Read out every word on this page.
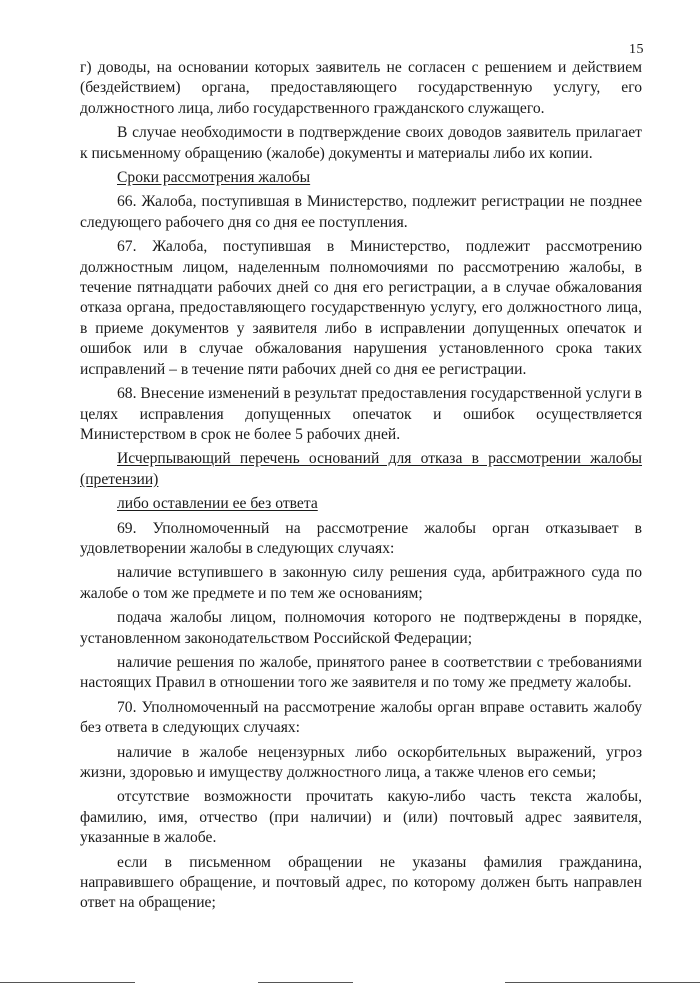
15

г) доводы, на основании которых заявитель не согласен с решением и действием (бездействием) органа, предоставляющего государственную услугу, его должностного лица, либо государственного гражданского служащего.

В случае необходимости в подтверждение своих доводов заявитель прилагает к письменному обращению (жалобе) документы и материалы либо их копии.

Сроки рассмотрения жалобы

66. Жалоба, поступившая в Министерство, подлежит регистрации не позднее следующего рабочего дня со дня ее поступления.

67. Жалоба, поступившая в Министерство, подлежит рассмотрению должностным лицом, наделенным полномочиями по рассмотрению жалобы, в течение пятнадцати рабочих дней со дня его регистрации, а в случае обжалования отказа органа, предоставляющего государственную услугу, его должностного лица, в приеме документов у заявителя либо в исправлении допущенных опечаток и ошибок или в случае обжалования нарушения установленного срока таких исправлений – в течение пяти рабочих дней со дня ее регистрации.

68. Внесение изменений в результат предоставления государственной услуги в целях исправления допущенных опечаток и ошибок осуществляется Министерством в срок не более 5 рабочих дней.

Исчерпывающий перечень оснований для отказа в рассмотрении жалобы (претензии)

либо оставлении ее без ответа

69. Уполномоченный на рассмотрение жалобы орган отказывает в удовлетворении жалобы в следующих случаях:

наличие вступившего в законную силу решения суда, арбитражного суда по жалобе о том же предмете и по тем же основаниям;

подача жалобы лицом, полномочия которого не подтверждены в порядке, установленном законодательством Российской Федерации;

наличие решения по жалобе, принятого ранее в соответствии с требованиями настоящих Правил в отношении того же заявителя и по тому же предмету жалобы.

70. Уполномоченный на рассмотрение жалобы орган вправе оставить жалобу без ответа в следующих случаях:

наличие в жалобе нецензурных либо оскорбительных выражений, угроз жизни, здоровью и имуществу должностного лица, а также членов его семьи;

отсутствие возможности прочитать какую-либо часть текста жалобы, фамилию, имя, отчество (при наличии) и (или) почтовый адрес заявителя, указанные в жалобе.

если в письменном обращении не указаны фамилия гражданина, направившего обращение, и почтовый адрес, по которому должен быть направлен ответ на обращение;
